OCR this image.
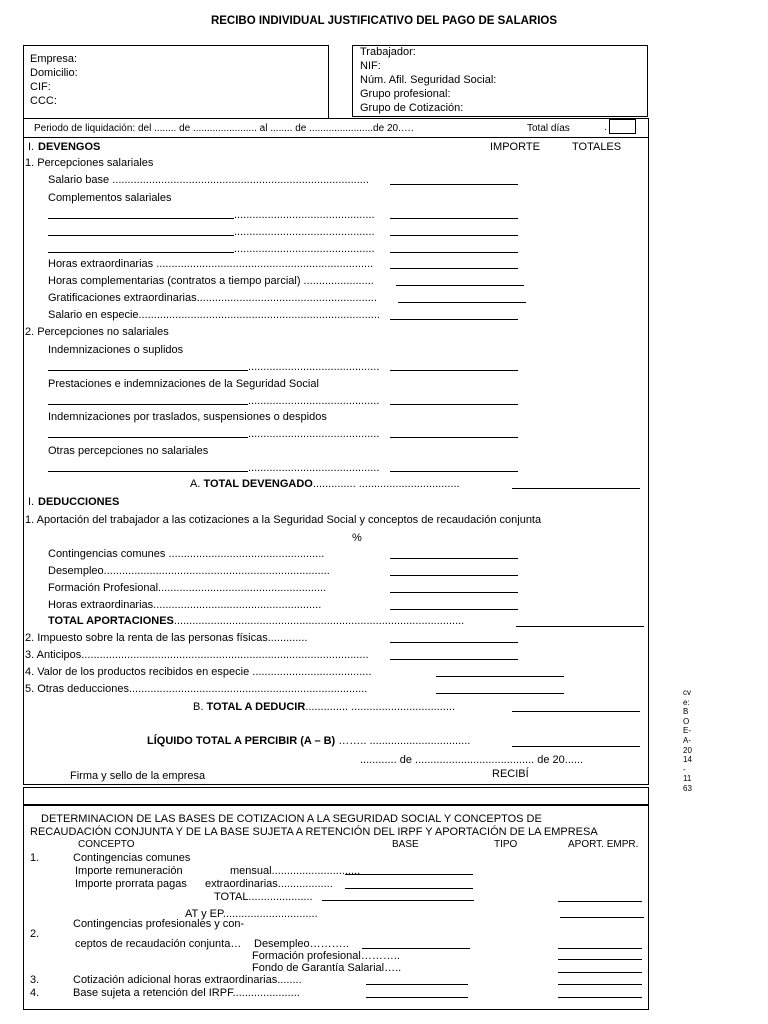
RECIBO INDIVIDUAL JUSTIFICATIVO DEL PAGO DE SALARIOS
Empresa:
Domicilio:
CIF:
CCC:
Trabajador:
NIF:
Núm. Afil. Seguridad Social:
Grupo profesional:
Grupo de Cotización:
Periodo de liquidación: del ........ de ....................... al ........ de .......................de 20.….	Total días	.
I. DEVENGOS	IMPORTE	TOTALES
1. Percepciones salariales
Salario base ....................................................................................
Complementos salariales
..............................................
..............................................
..............................................
Horas extraordinarias .......................................................................
Horas complementarias (contratos a tiempo parcial) .......................
Gratificaciones extraordinarias...........................................................
Salario en especie...............................................................................
2. Percepciones no salariales
Indemnizaciones o suplidos
...........................................
Prestaciones e indemnizaciones de la Seguridad Social
...........................................
Indemnizaciones por traslados, suspensiones o despidos
...........................................
Otras percepciones no salariales
...........................................
A. TOTAL DEVENGADO.............. .................................
I. DEDUCCIONES
1. Aportación del trabajador a las cotizaciones a la Seguridad Social y conceptos de recaudación conjunta
%
Contingencias comunes ...................................................
Desempleo..........................................................................
Formación Profesional.......................................................
Horas extraordinarias.......................................................
TOTAL APORTACIONES...............................................................................................
2. Impuesto sobre la renta de las personas físicas.............
3. Anticipos..............................................................................................
4. Valor de los productos recibidos en especie .......................................
5. Otras deducciones..............................................................................
B. TOTAL A DEDUCIR.............. ..................................
LÍQUIDO TOTAL A PERCIBIR (A – B) …….. .................................
............ de ....................................... de 20......
Firma y sello de la empresa	RECIBÍ
cv
e:
B
O
E-
A-
20
14
-
11
63
DETERMINACION DE LAS BASES DE COTIZACION A LA SEGURIDAD SOCIAL Y CONCEPTOS DE
RECAUDACIÓN CONJUNTA Y DE LA BASE SUJETA A RETENCIÓN DEL IRPF Y APORTACIÓN DE LA EMPRESA
CONCEPTO	BASE	TIPO	APORT. EMPR.
1.	Contingencias comunes
Importe remuneración	mensual.............................
Importe prorrata pagas extraordinarias..................
TOTAL.....................
AT y EP...............................
Contingencias profesionales y con-
2.
ceptos de recaudación conjunta… Desempleo………..
Formación profesional………..
Fondo de Garantía Salarial…..
3.	Cotización adicional horas extraordinarias........
4.	Base sujeta a retención del IRPF......................
